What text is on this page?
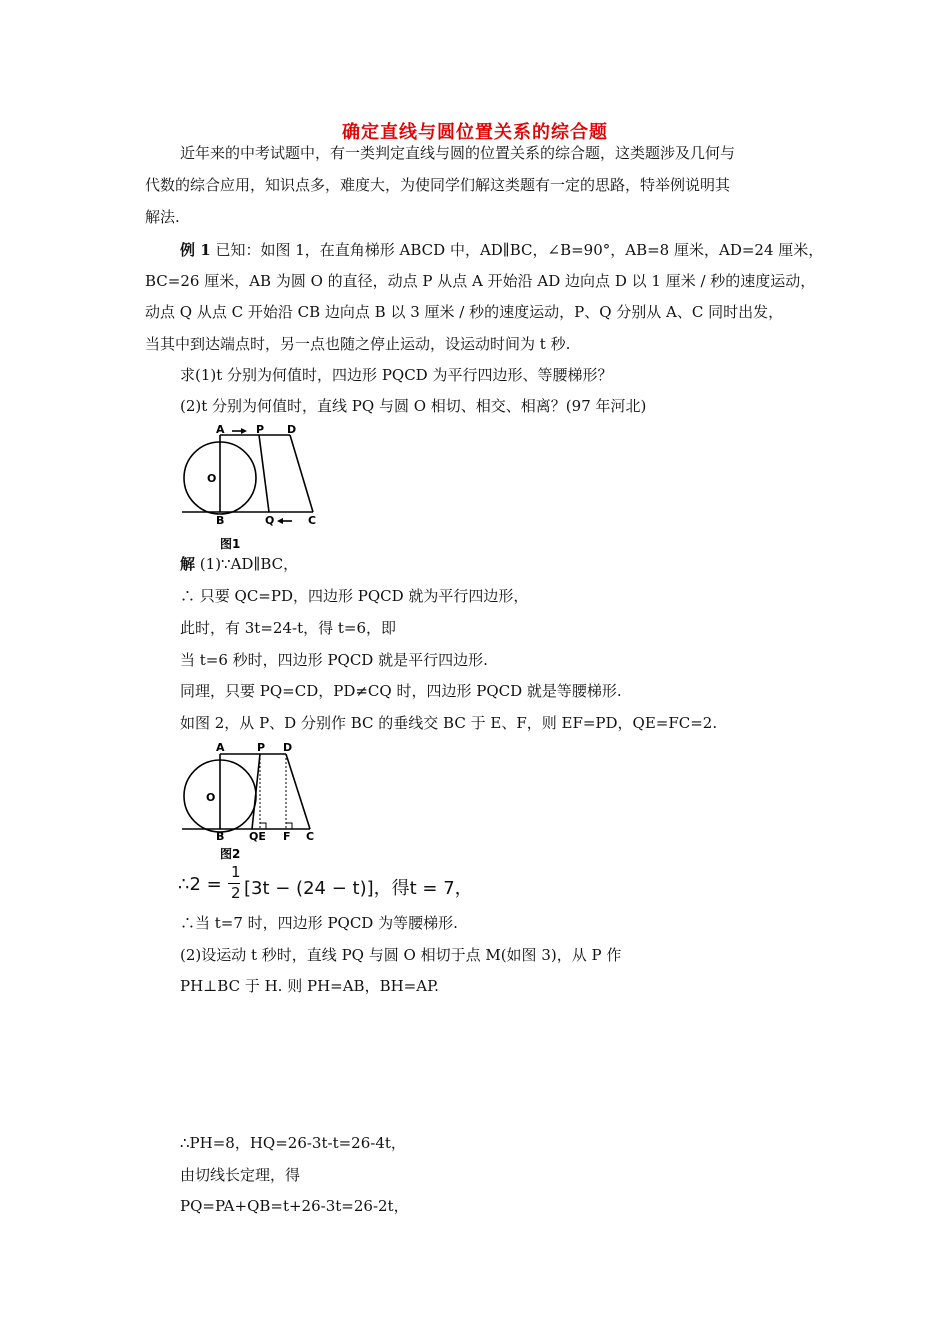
确定直线与圆位置关系的综合题
近年来的中考试题中，有一类判定直线与圆的位置关系的综合题，这类题涉及几何与
代数的综合应用，知识点多，难度大，为使同学们解这类题有一定的思路，特举例说明其
解法.
例 1 已知：如图 1，在直角梯形 ABCD 中，AD∥BC，∠B=90°，AB=8 厘米，AD=24 厘米，
BC=26 厘米，AB 为圆 O 的直径，动点 P 从点 A 开始沿 AD 边向点 D 以 1 厘米 / 秒的速度运动，
动点 Q 从点 C 开始沿 CB 边向点 B 以 3 厘米 / 秒的速度运动，P、Q 分别从 A、C 同时出发，
当其中到达端点时，另一点也随之停止运动，设运动时间为 t 秒.
求(1)t 分别为何值时，四边形 PQCD 为平行四边形、等腰梯形？
(2)t 分别为何值时，直线 PQ 与圆 O 相切、相交、相离？(97 年河北)
A	P D
O
B	Q	C
图1
解 (1)∵AD∥BC，
∴ 只要 QC=PD，四边形 PQCD 就为平行四边形，
此时，有 3t=24-t，得 t=6，即
当 t=6 秒时，四边形 PQCD 就是平行四边形.
同理，只要 PQ=CD，PD≠CQ 时，四边形 PQCD 就是等腰梯形.
如图 2，从 P、D 分别作 BC 的垂线交 BC 于 E、F，则 EF=PD，QE=FC=2.
A	P D
O
B QE F C
图2
∴2 =
1
2 [3t − (24 − t)]，得t = 7，
∴当 t=7 时，四边形 PQCD 为等腰梯形.
(2)设运动 t 秒时，直线 PQ 与圆 O 相切于点 M(如图 3)，从 P 作
PH⊥BC 于 H. 则 PH=AB，BH=AP.
∴PH=8，HQ=26-3t-t=26-4t，
由切线长定理，得
PQ=PA+QB=t+26-3t=26-2t，
